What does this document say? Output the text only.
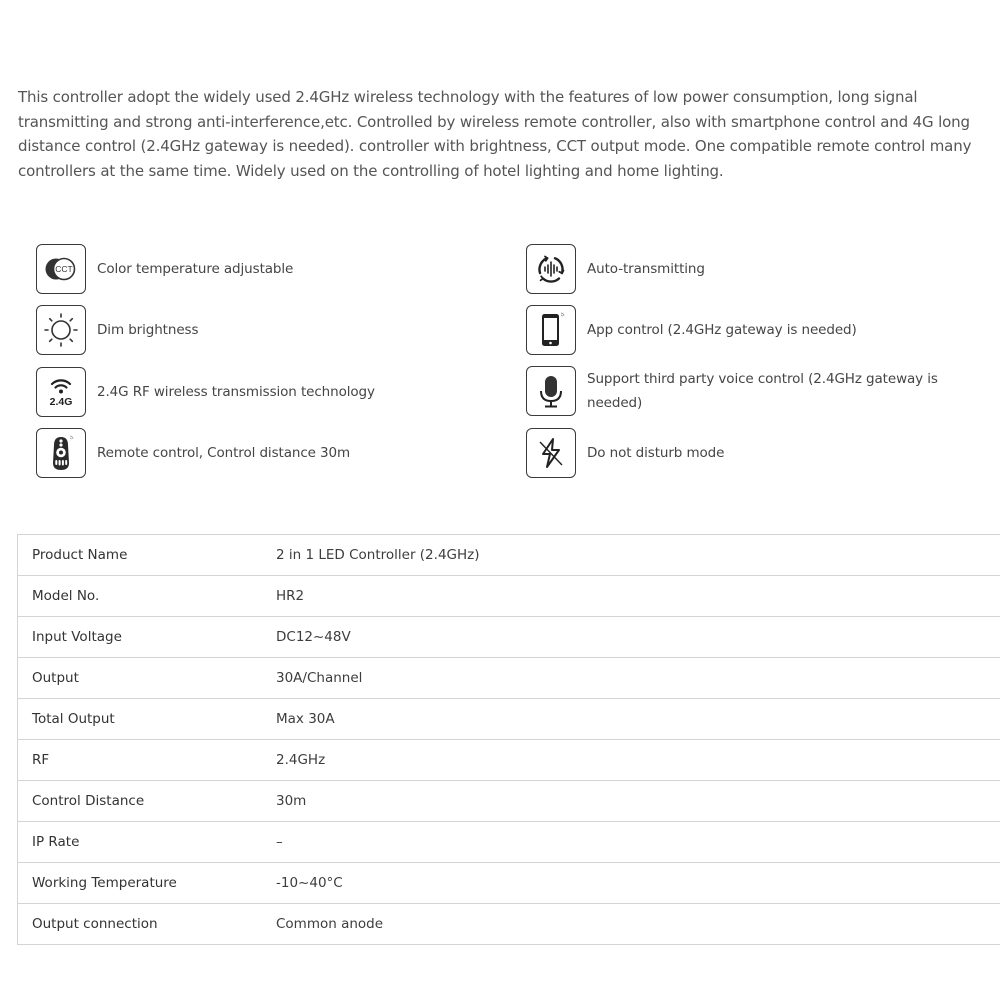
This controller adopt the widely used 2.4GHz wireless technology with the features of low power consumption, long signal transmitting and strong anti-interference,etc. Controlled by wireless remote controller, also with smartphone control and 4G long distance control (2.4GHz gateway is needed). controller with brightness, CCT output mode. One compatible remote control many controllers at the same time. Widely used on the controlling of hotel lighting and home lighting.

CCT Color temperature adjustable
Dim brightness
2.4G
2.4G RF wireless transmission technology
Remote control, Control distance 30m
Auto-transmitting
App control (2.4GHz gateway is needed)
Support third party voice control (2.4GHz gateway is needed)
Do not disturb mode
Product Name	2 in 1 LED Controller (2.4GHz)
Model No.	HR2
Input Voltage	DC12~48V
Output	30A/Channel
Total Output	Max 30A
RF	2.4GHz
Control Distance	30m
IP Rate	–
Working Temperature	-10~40°C
Output connection	Common anode
